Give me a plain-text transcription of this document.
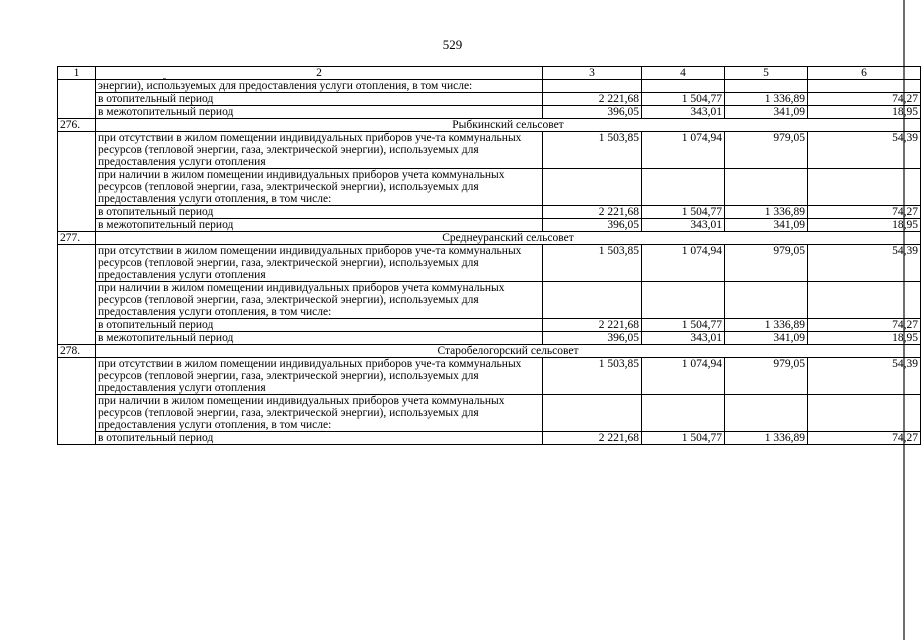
529
1	2	3	4	5	6
	энергии), используемых для предоставления услуги отопления, в том числе:				
	в отопительный период	2 221,68	1 504,77	1 336,89	74,27
	в межотопительный период	396,05	343,01	341,09	18,95
276.	Рыбкинский сельсовет				
	при отсутствии в жилом помещении индивидуальных приборов уче-та коммунальных ресурсов (тепловой энергии, газа, электрической энергии), используемых для предоставления услуги отопления	1 503,85	1 074,94	979,05	54,39
	при наличии в жилом помещении индивидуальных приборов учета коммунальных ресурсов (тепловой энергии, газа, электрической энергии), используемых для предоставления услуги отопления, в том числе:				
	в отопительный период	2 221,68	1 504,77	1 336,89	74,27
	в межотопительный период	396,05	343,01	341,09	18,95
277.	Среднеуранский сельсовет				
	при отсутствии в жилом помещении индивидуальных приборов уче-та коммунальных ресурсов (тепловой энергии, газа, электрической энергии), используемых для предоставления услуги отопления	1 503,85	1 074,94	979,05	54,39
	при наличии в жилом помещении индивидуальных приборов учета коммунальных ресурсов (тепловой энергии, газа, электрической энергии), используемых для предоставления услуги отопления, в том числе:				
	в отопительный период	2 221,68	1 504,77	1 336,89	74,27
	в межотопительный период	396,05	343,01	341,09	18,95
278.	Старобелогорский сельсовет				
	при отсутствии в жилом помещении индивидуальных приборов уче-та коммунальных ресурсов (тепловой энергии, газа, электрической энергии), используемых для предоставления услуги отопления	1 503,85	1 074,94	979,05	54,39
	при наличии в жилом помещении индивидуальных приборов учета коммунальных ресурсов (тепловой энергии, газа, электрической энергии), используемых для предоставления услуги отопления, в том числе:				
	в отопительный период	2 221,68	1 504,77	1 336,89	74,27
